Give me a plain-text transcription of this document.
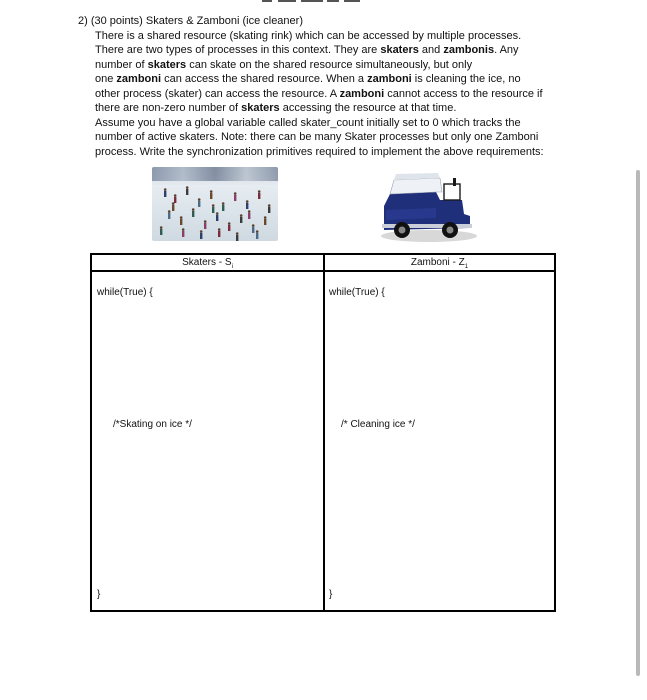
2) (30 points) Skaters & Zamboni (ice cleaner)
There is a shared resource (skating rink) which can be accessed by multiple processes.
There are two types of processes in this context. They are skaters and zambonis. Any
number of skaters can skate on the shared resource simultaneously, but only
one zamboni can access the shared resource. When a zamboni is cleaning the ice, no
other process (skater) can access the resource. A zamboni cannot access to the resource if
there are non-zero number of skaters accessing the resource at that time.
Assume you have a global variable called skater_count initially set to 0 which tracks the
number of active skaters. Note: there can be many Skater processes but only one Zamboni
process. Write the synchronization primitives required to implement the above requirements:
Skaters - $S_i$
while(True) {
/*Skating on ice */
}
Zamboni - $Z_1$
while(True) {
/* Cleaning ice */
}
